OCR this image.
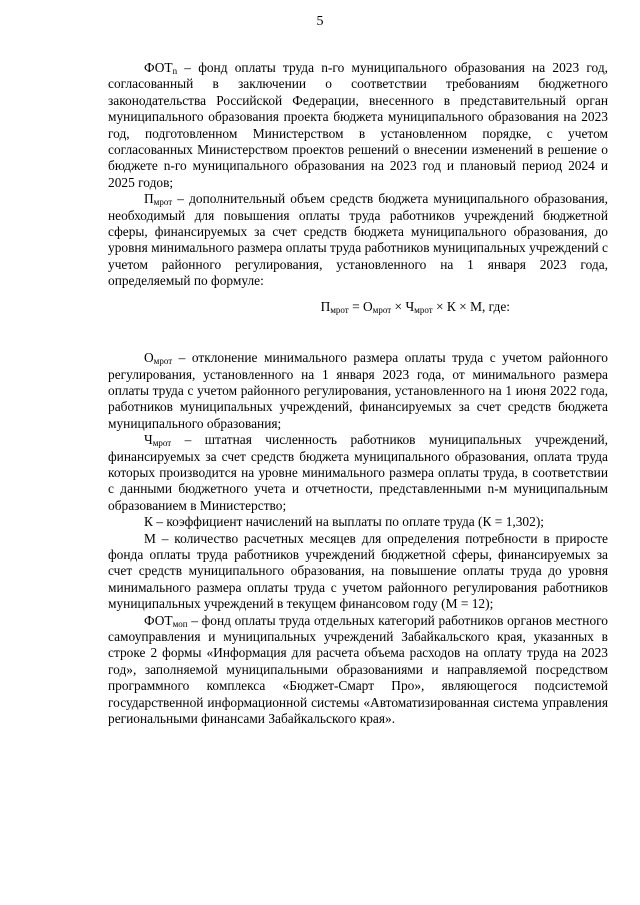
5

$ФОТ_n$ – фонд оплаты труда n-го муниципального образования на 2023 год, согласованный в заключении о соответствии требованиям бюджетного законодательства Российской Федерации, внесенного в представительный орган муниципального образования проекта бюджета муниципального образования на 2023 год, подготовленном Министерством в установленном порядке, с учетом согласованных Министерством проектов решений о внесении изменений в решение о бюджете n-го муниципального образования на 2023 год и плановый период 2024 и 2025 годов;

$П_{мрот}$ – дополнительный объем средств бюджета муниципального образования, необходимый для повышения оплаты труда работников учреждений бюджетной сферы, финансируемых за счет средств бюджета муниципального образования, до уровня минимального размера оплаты труда работников муниципальных учреждений с учетом районного регулирования, установленного на 1 января 2023 года, определяемый по формуле:

$П_{мрот} = О_{мрот} \times Ч_{мрот} \times К \times М$, где:

$О_{мрот}$ – отклонение минимального размера оплаты труда с учетом районного регулирования, установленного на 1 января 2023 года, от минимального размера оплаты труда с учетом районного регулирования, установленного на 1 июня 2022 года, работников муниципальных учреждений, финансируемых за счет средств бюджета муниципального образования;

$Ч_{мрот}$ – штатная численность работников муниципальных учреждений, финансируемых за счет средств бюджета муниципального образования, оплата труда которых производится на уровне минимального размера оплаты труда, в соответствии с данными бюджетного учета и отчетности, представленными n-м муниципальным образованием в Министерство;

К – коэффициент начислений на выплаты по оплате труда (К = 1,302);

М – количество расчетных месяцев для определения потребности в приросте фонда оплаты труда работников учреждений бюджетной сферы, финансируемых за счет средств муниципального образования, на повышение оплаты труда до уровня минимального размера оплаты труда с учетом районного регулирования работников муниципальных учреждений в текущем финансовом году (М = 12);

$ФОТ_{моп}$ – фонд оплаты труда отдельных категорий работников органов местного самоуправления и муниципальных учреждений Забайкальского края, указанных в строке 2 формы «Информация для расчета объема расходов на оплату труда на 2023 год», заполняемой муниципальными образованиями и направляемой посредством программного комплекса «Бюджет-Смарт Про», являющегося подсистемой государственной информационной системы «Автоматизированная система управления региональными финансами Забайкальского края».
